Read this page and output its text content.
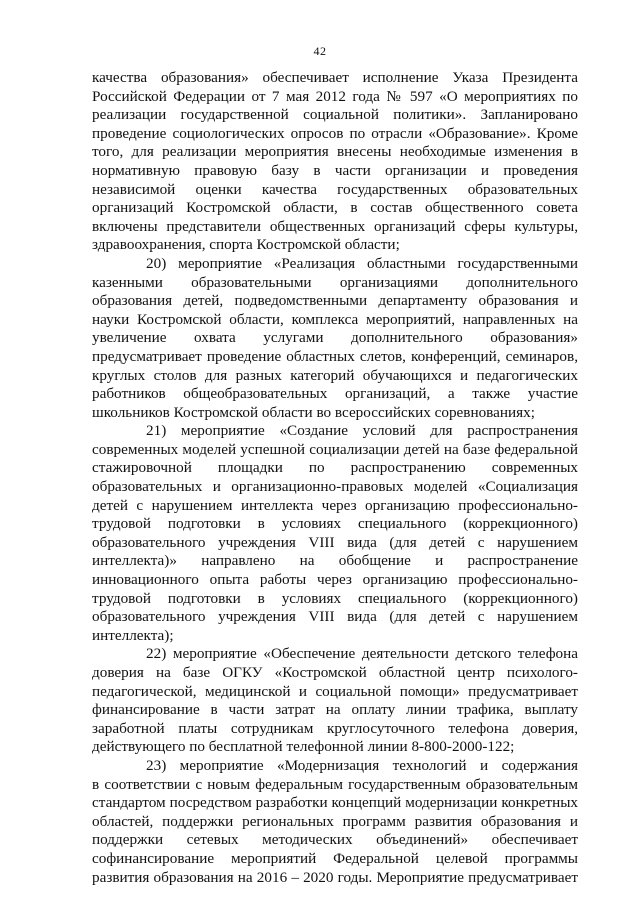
42
качества образования» обеспечивает исполнение Указа Президента
Российской Федерации от 7 мая 2012 года № 597 «О мероприятиях по
реализации государственной социальной политики». Запланировано
проведение социологических опросов по отрасли «Образование». Кроме
того, для реализации мероприятия внесены необходимые изменения в
нормативную правовую базу в части организации и проведения
независимой оценки качества государственных образовательных
организаций Костромской области, в состав общественного совета
включены представители общественных организаций сферы культуры,
здравоохранения, спорта Костромской области;
20) мероприятие «Реализация областными государственными
казенными образовательными организациями дополнительного
образования детей, подведомственными департаменту образования и
науки Костромской области, комплекса мероприятий, направленных на
увеличение охвата услугами дополнительного образования»
предусматривает проведение областных слетов, конференций, семинаров,
круглых столов для разных категорий обучающихся и педагогических
работников общеобразовательных организаций, а также участие
школьников Костромской области во всероссийских соревнованиях;
21) мероприятие «Создание условий для распространения
современных моделей успешной социализации детей на базе федеральной
стажировочной площадки по распространению современных
образовательных и организационно-правовых моделей «Социализация
детей с нарушением интеллекта через организацию профессионально-
трудовой подготовки в условиях специального (коррекционного)
образовательного учреждения VIII вида (для детей с нарушением
интеллекта)» направлено на обобщение и распространение
инновационного опыта работы через организацию профессионально-
трудовой подготовки в условиях специального (коррекционного)
образовательного учреждения VIII вида (для детей с нарушением
интеллекта);
22) мероприятие «Обеспечение деятельности детского телефона
доверия на базе ОГКУ «Костромской областной центр психолого-
педагогической, медицинской и социальной помощи» предусматривает
финансирование в части затрат на оплату линии трафика, выплату
заработной платы сотрудникам круглосуточного телефона доверия,
действующего по бесплатной телефонной линии 8-800-2000-122;
23) мероприятие «Модернизация технологий и содержания
в соответствии с новым федеральным государственным образовательным
стандартом посредством разработки концепций модернизации конкретных
областей, поддержки региональных программ развития образования и
поддержки сетевых методических объединений» обеспечивает
софинансирование мероприятий Федеральной целевой программы
развития образования на 2016 – 2020 годы. Мероприятие предусматривает
